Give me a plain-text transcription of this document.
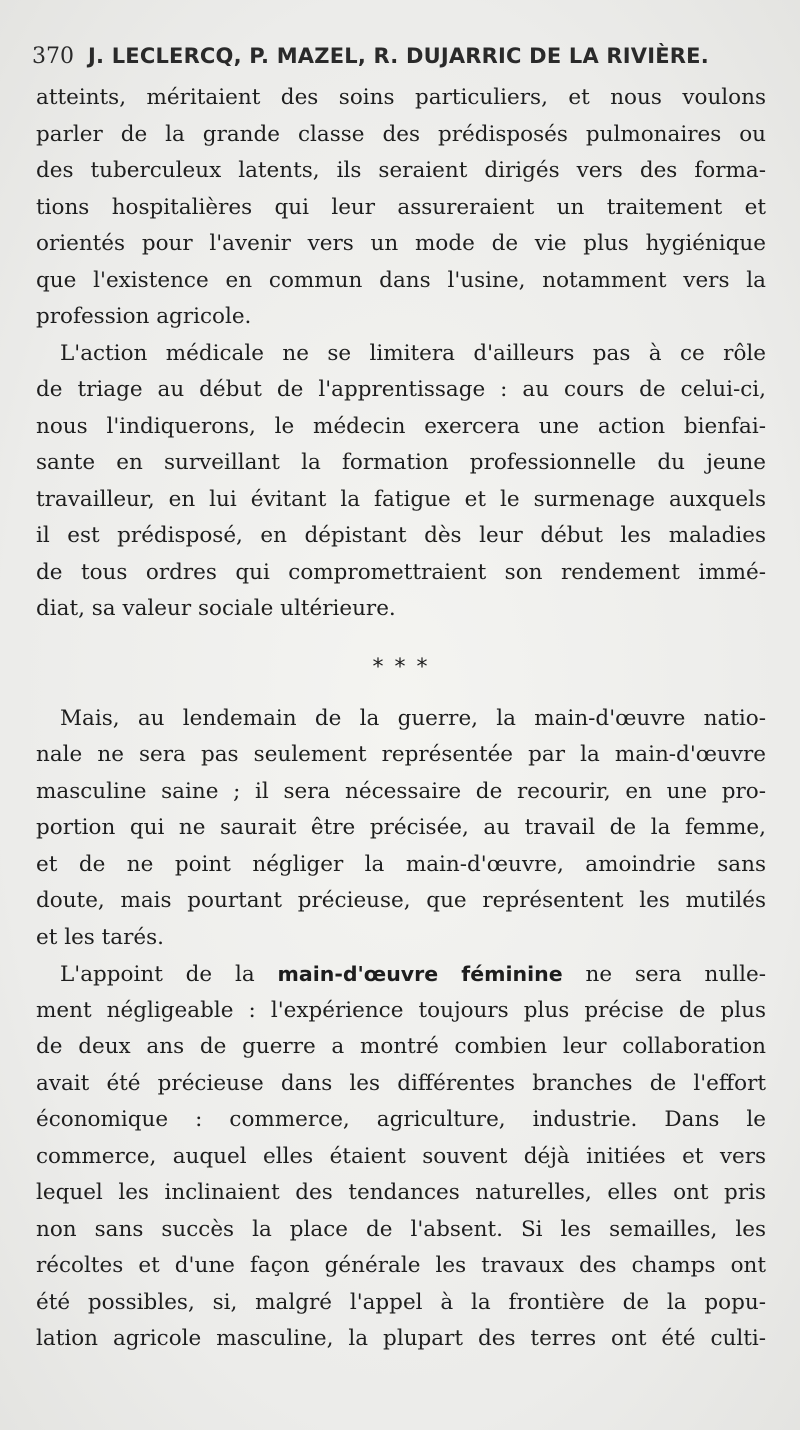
370 J. LECLERCQ, P. MAZEL, R. DUJARRIC DE LA RIVIÈRE.
atteints, méritaient des soins particuliers, et nous voulons
parler de la grande classe des prédisposés pulmonaires ou
des tuberculeux latents, ils seraient dirigés vers des forma-
tions hospitalières qui leur assureraient un traitement et
orientés pour l'avenir vers un mode de vie plus hygiénique
que l'existence en commun dans l'usine, notamment vers la
profession agricole.
L'action médicale ne se limitera d'ailleurs pas à ce rôle
de triage au début de l'apprentissage : au cours de celui-ci,
nous l'indiquerons, le médecin exercera une action bienfai-
sante en surveillant la formation professionnelle du jeune
travailleur, en lui évitant la fatigue et le surmenage auxquels
il est prédisposé, en dépistant dès leur début les maladies
de tous ordres qui compromettraient son rendement immé-
diat, sa valeur sociale ultérieure.
* * *
Mais, au lendemain de la guerre, la main-d'œuvre natio-
nale ne sera pas seulement représentée par la main-d'œuvre
masculine saine ; il sera nécessaire de recourir, en une pro-
portion qui ne saurait être précisée, au travail de la femme,
et de ne point négliger la main-d'œuvre, amoindrie sans
doute, mais pourtant précieuse, que représentent les mutilés
et les tarés.
L'appoint de la main-d'œuvre féminine ne sera nulle-
ment négligeable : l'expérience toujours plus précise de plus
de deux ans de guerre a montré combien leur collaboration
avait été précieuse dans les différentes branches de l'effort
économique : commerce, agriculture, industrie. Dans le
commerce, auquel elles étaient souvent déjà initiées et vers
lequel les inclinaient des tendances naturelles, elles ont pris
non sans succès la place de l'absent. Si les semailles, les
récoltes et d'une façon générale les travaux des champs ont
été possibles, si, malgré l'appel à la frontière de la popu-
lation agricole masculine, la plupart des terres ont été culti-
